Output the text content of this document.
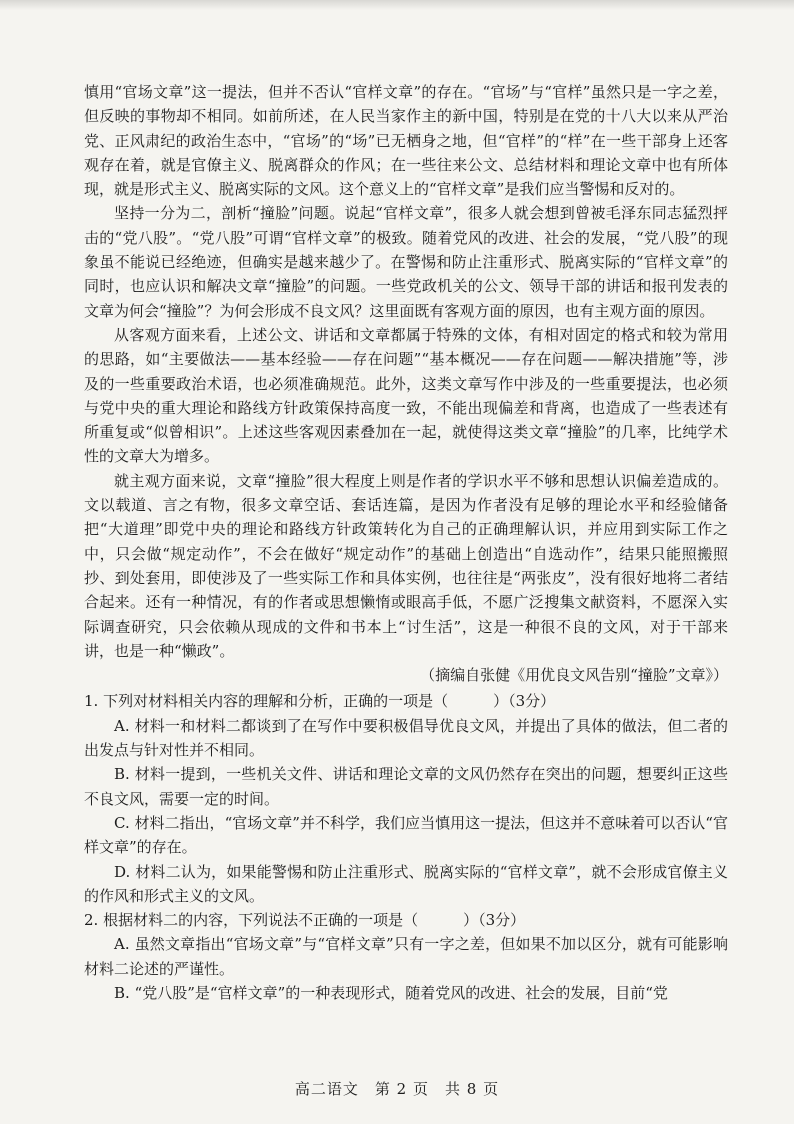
慎用“官场文章”这一提法，但并不否认“官样文章”的存在。“官场”与“官样”虽然只是一字之差，但反映的事物却不相同。如前所述，在人民当家作主的新中国，特别是在党的十八大以来从严治党、正风肃纪的政治生态中，“官场”的“场”已无栖身之地，但“官样”的“样”在一些干部身上还客观存在着，就是官僚主义、脱离群众的作风；在一些往来公文、总结材料和理论文章中也有所体现，就是形式主义、脱离实际的文风。这个意义上的“官样文章”是我们应当警惕和反对的。

坚持一分为二，剖析“撞脸”问题。说起“官样文章”，很多人就会想到曾被毛泽东同志猛烈抨击的“党八股”。“党八股”可谓“官样文章”的极致。随着党风的改进、社会的发展，“党八股”的现象虽不能说已经绝迹，但确实是越来越少了。在警惕和防止注重形式、脱离实际的“官样文章”的同时，也应认识和解决文章“撞脸”的问题。一些党政机关的公文、领导干部的讲话和报刊发表的文章为何会“撞脸”？为何会形成不良文风？这里面既有客观方面的原因，也有主观方面的原因。

从客观方面来看，上述公文、讲话和文章都属于特殊的文体，有相对固定的格式和较为常用的思路，如“主要做法——基本经验——存在问题”“基本概况——存在问题——解决措施”等，涉及的一些重要政治术语，也必须准确规范。此外，这类文章写作中涉及的一些重要提法，也必须与党中央的重大理论和路线方针政策保持高度一致，不能出现偏差和背离，也造成了一些表述有所重复或“似曾相识”。上述这些客观因素叠加在一起，就使得这类文章“撞脸”的几率，比纯学术性的文章大为增多。

就主观方面来说，文章“撞脸”很大程度上则是作者的学识水平不够和思想认识偏差造成的。文以载道、言之有物，很多文章空话、套话连篇，是因为作者没有足够的理论水平和经验储备把“大道理”即党中央的理论和路线方针政策转化为自己的正确理解认识，并应用到实际工作之中，只会做“规定动作”，不会在做好“规定动作”的基础上创造出“自选动作”，结果只能照搬照抄、到处套用，即使涉及了一些实际工作和具体实例，也往往是“两张皮”，没有很好地将二者结合起来。还有一种情况，有的作者或思想懒惰或眼高手低，不愿广泛搜集文献资料，不愿深入实际调查研究，只会依赖从现成的文件和书本上“讨生活”，这是一种很不良的文风，对于干部来讲，也是一种“懒政”。

（摘编自张健《用优良文风告别“撞脸”文章》）

1. 下列对材料相关内容的理解和分析，正确的一项是（　　　）（3分）

A. 材料一和材料二都谈到了在写作中要积极倡导优良文风，并提出了具体的做法，但二者的出发点与针对性并不相同。

B. 材料一提到，一些机关文件、讲话和理论文章的文风仍然存在突出的问题，想要纠正这些不良文风，需要一定的时间。

C. 材料二指出，“官场文章”并不科学，我们应当慎用这一提法，但这并不意味着可以否认“官样文章”的存在。

D. 材料二认为，如果能警惕和防止注重形式、脱离实际的“官样文章”，就不会形成官僚主义的作风和形式主义的文风。

2. 根据材料二的内容，下列说法不正确的一项是（　　　）（3分）

A. 虽然文章指出“官场文章”与“官样文章”只有一字之差，但如果不加以区分，就有可能影响材料二论述的严谨性。

B. “党八股”是“官样文章”的一种表现形式，随着党风的改进、社会的发展，目前“党

高二语文　第 2 页　共 8 页
